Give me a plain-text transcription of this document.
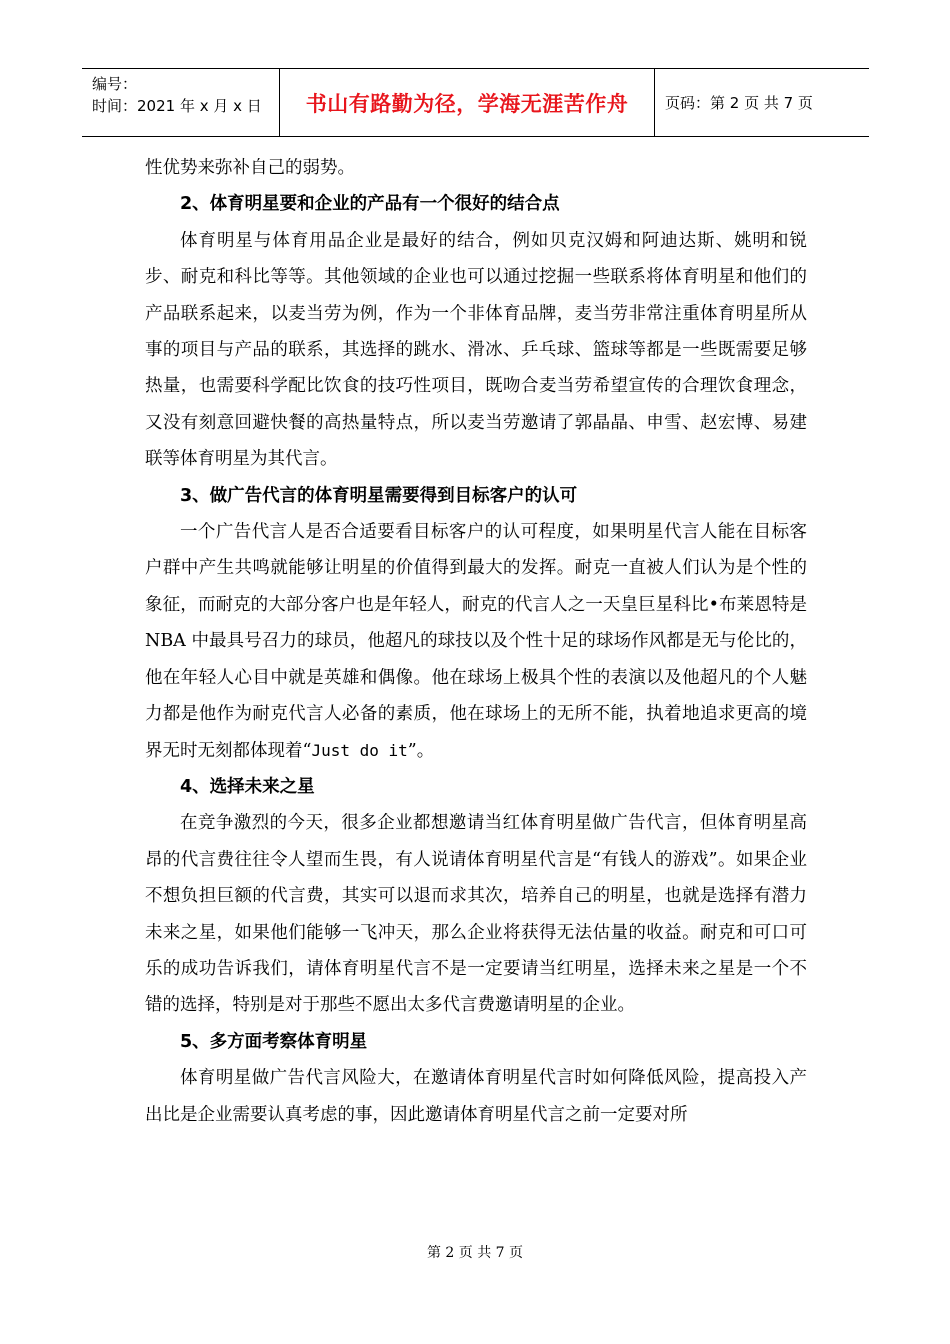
编号：
时间：2021 年 x 月 x 日	书山有路勤为径，学海无涯苦作舟	页码：第 2 页 共 7 页

性优势来弥补自己的弱势。

2、体育明星要和企业的产品有一个很好的结合点

体育明星与体育用品企业是最好的结合，例如贝克汉姆和阿迪达斯、姚明和锐步、耐克和科比等等。其他领域的企业也可以通过挖掘一些联系将体育明星和他们的产品联系起来，以麦当劳为例，作为一个非体育品牌，麦当劳非常注重体育明星所从事的项目与产品的联系，其选择的跳水、滑冰、乒乓球、篮球等都是一些既需要足够热量，也需要科学配比饮食的技巧性项目，既吻合麦当劳希望宣传的合理饮食理念，又没有刻意回避快餐的高热量特点，所以麦当劳邀请了郭晶晶、申雪、赵宏博、易建联等体育明星为其代言。

3、做广告代言的体育明星需要得到目标客户的认可

一个广告代言人是否合适要看目标客户的认可程度，如果明星代言人能在目标客户群中产生共鸣就能够让明星的价值得到最大的发挥。耐克一直被人们认为是个性的象征，而耐克的大部分客户也是年轻人，耐克的代言人之一天皇巨星科比•布莱恩特是 NBA 中最具号召力的球员，他超凡的球技以及个性十足的球场作风都是无与伦比的，他在年轻人心目中就是英雄和偶像。他在球场上极具个性的表演以及他超凡的个人魅力都是他作为耐克代言人必备的素质，他在球场上的无所不能，执着地追求更高的境界无时无刻都体现着“Just do it”。

4、选择未来之星

在竞争激烈的今天，很多企业都想邀请当红体育明星做广告代言，但体育明星高昂的代言费往往令人望而生畏，有人说请体育明星代言是“有钱人的游戏”。如果企业不想负担巨额的代言费，其实可以退而求其次，培养自己的明星，也就是选择有潜力未来之星，如果他们能够一飞冲天，那么企业将获得无法估量的收益。耐克和可口可乐的成功告诉我们，请体育明星代言不是一定要请当红明星，选择未来之星是一个不错的选择，特别是对于那些不愿出太多代言费邀请明星的企业。

5、多方面考察体育明星

体育明星做广告代言风险大，在邀请体育明星代言时如何降低风险，提高投入产出比是企业需要认真考虑的事，因此邀请体育明星代言之前一定要对所

第 2 页 共 7 页
